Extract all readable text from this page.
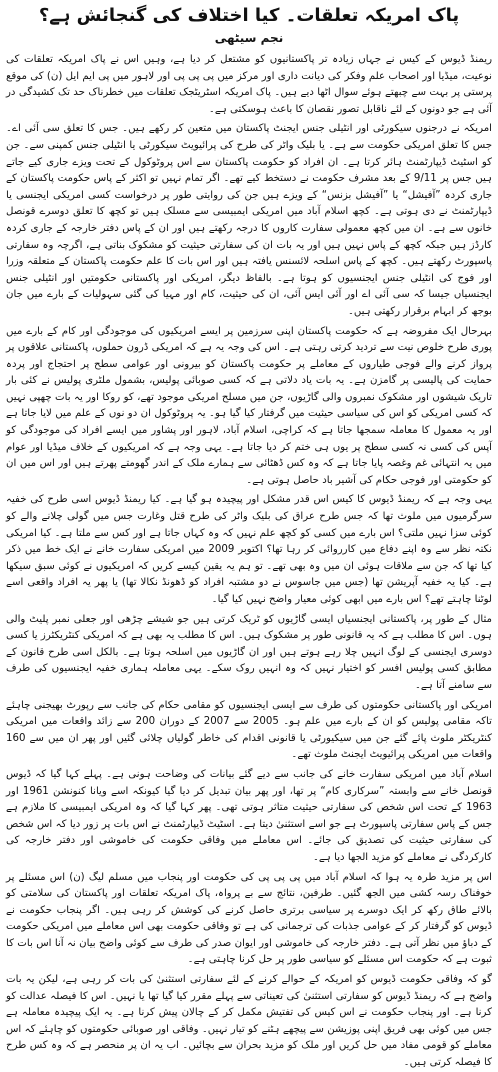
پاک امریکہ تعلقات۔ کیا اختلاف کی گنجائش ہے؟
نجم سیٹھی

ریمنڈ ڈیوس کے کیس نے جہاں زیادہ تر پاکستانیوں کو مشتعل کر دیا ہے، وہیں اس نے پاک امریکہ تعلقات کی نوعیت، میڈیا اور اصحاب علم وفکر کی دیانت داری اور مرکز میں پی پی پی اور لاہور میں پی ایم ایل (ن) کی موقع پرستی پر بہت سے چبھتے ہوئے سوال اٹھا دیے ہیں۔ پاک امریکہ اسٹریٹجک تعلقات میں خطرناک حد تک کشیدگی در آئی ہے جو دونوں کے لئے ناقابل تصور نقصان کا باعث ہوسکتی ہے۔

امریکہ نے درجنوں سیکورٹی اور انٹیلی جنس ایجنٹ پاکستان میں متعین کر رکھے ہیں۔ جس کا تعلق سی آئی اے۔ جس کا تعلق امریکی حکومت سے ہے۔ یا بلیک واٹر کی طرح کی پرائیویٹ سیکورٹی یا انٹیلی جنس کمپنی سے۔ جن کو اسٹیٹ ڈیپارٹمنٹ ہائر کرتا ہے۔ ان افراد کو حکومت پاکستان سے اس پروٹوکول کے تحت ویزے جاری کیے جاتے ہیں جس پر 9/11 کے بعد مشرف حکومت نے دستخط کیے تھے۔ اگر تمام نہیں تو اکثر کے پاس حکومت پاکستان کے جاری کردہ ”آفیشل“ یا ”آفیشل بزنس“ کے ویزے ہیں جن کی روایتی طور پر درخواست کسی امریکی ایجنسی یا ڈیپارٹمنٹ نے دی ہوتی ہے۔ کچھ اسلام آباد میں امریکی ایمبیسی سے مسلک ہیں تو کچھ کا تعلق دوسرے قونصل خانوں سے ہے۔ ان میں کچھ معمولی سفارت کاروں کا درجہ رکھتے ہیں اور ان کے پاس دفتر خارجہ کے جاری کردہ کارڈز ہیں جبکہ کچھ کے پاس نہیں ہیں اور یہ بات ان کی سفارتی حیثیت کو مشکوک بناتی ہے، اگرچہ وہ سفارتی پاسپورٹ رکھتے ہیں۔ کچھ کے پاس اسلحہ لائسنس یافتہ ہیں اور اس بات کا علم حکومت پاکستان کے متعلقہ وزرا اور فوج کی انٹیلی جنس ایجنسیوں کو ہوتا ہے۔ بالفاظ دیگر، امریکی اور پاکستانی حکومتیں اور انٹیلی جنس ایجنسیاں جیسا کہ سی آئی اے اور آئی ایس آئی، ان کی حیثیت، کام اور مہیا کی گئی سہولیات کے بارے میں جان بوجھ کر ابہام برقرار رکھتی ہیں۔

بہرحال ایک مفروضہ ہے کہ حکومت پاکستان اپنی سرزمین پر ایسے امریکیوں کی موجودگی اور کام کے بارے میں پوری طرح خلوص نیت سے تردید کرتی رہتی ہے۔ اس کی وجہ یہ ہے کہ امریکی ڈرون حملوں، پاکستانی علاقوں پر پرواز کرنے والے فوجی طیاروں کے معاملے پر حکومت پاکستان کو بیرونی اور عوامی سطح پر احتجاج اور پردہ حمایت کی پالیسی پر گامزن ہے۔ یہ بات یاد دلاتی ہے کہ کسی صوبائی پولیس، بشمول ملٹری پولیس نے کئی بار تاریک شیشوں اور مشکوک نمبروں والی گاڑیوں، جن میں مسلح امریکی موجود تھے، کو روکا اور یہ بات چھپی نہیں کہ کسی امریکی کو اس کی سیاسی حیثیت میں گرفتار کیا گیا ہو۔ یہ پروٹوکول ان دو نوں کے علم میں لایا جاتا ہے اور یہ معمول کا معاملہ سمجھا جاتا ہے کہ کراچی، اسلام آباد، لاہور اور پشاور میں ایسے افراد کی موجودگی کو آپس کی کسی نہ کسی سطح پر یوں ہی ختم کر دیا جاتا ہے۔ یہی وجہ ہے کہ امریکیوں کے خلاف میڈیا اور عوام میں یہ انتہائی غم وغصہ پایا جاتا ہے کہ وہ کس ڈھٹائی سے ہمارے ملک کے اندر گھومتے پھرتے ہیں اور اس میں ان کو حکومتی اور فوجی حکام کی آشیر باد حاصل ہوتی ہے۔

یہی وجہ ہے کہ ریمنڈ ڈیوس کا کیس اس قدر مشکل اور پیچیدہ ہو گیا ہے۔ کیا ریمنڈ ڈیوس اسی طرح کی خفیہ سرگرمیوں میں ملوث تھا کہ جس طرح عراق کی بلیک واٹر کی طرح قتل وغارت جس میں گولی چلانے والے کو کوئی سزا نہیں ملتی؟ اس بارے میں کسی کو کچھ علم نہیں کہ وہ کہاں جاتا ہے اور کس سے ملتا ہے۔ کیا امریکی نکتہ نظر سے وہ اپنے دفاع میں کارروائی کر رہا تھا؟ اکتوبر 2009 میں امریکی سفارت خانے نے ایک خط میں ذکر کیا تھا کہ جن سے ملاقات ہوئی ان میں وہ بھی تھے۔ تو ہم یہ یقین کیسے کریں کہ امریکیوں نے کوئی سبق سیکھا ہے۔ کیا یہ خفیہ آپریشن تھا (جس میں جاسوس نے دو مشتبہ افراد کو ڈھونڈ نکالا تھا) یا پھر یہ افراد واقعی اسے لوٹنا چاہتے تھے؟ اس بارے میں ابھی کوئی معیار واضح نہیں کیا گیا۔

مثال کے طور پر، پاکستانی ایجنسیاں ایسی گاڑیوں کو ٹریک کرتی ہیں جو شیشے چڑھی اور جعلی نمبر پلیٹ والی ہوں۔ اس کا مطلب ہے کہ یہ قانونی طور پر مشکوک ہیں۔ اس کا مطلب یہ بھی ہے کہ امریکی کنٹریکٹرز یا کسی دوسری ایجنسی کے لوگ انہیں چلا رہے ہوتے ہیں اور ان گاڑیوں میں اسلحہ ہوتا ہے۔ بالکل اسی طرح قانون کے مطابق کسی پولیس افسر کو اختیار نہیں کہ وہ انہیں روک سکے۔ یہی معاملہ ہماری خفیہ ایجنسیوں کی طرف سے سامنے آتا ہے۔

امریکی اور پاکستانی حکومتوں کی طرف سے ایسی ایجنسیوں کو مقامی حکام کی جانب سے رپورٹ بھیجنی چاہئے تاکہ مقامی پولیس کو ان کے بارے میں علم ہو۔ 2005 سے 2007 کے دوران 200 سے زائد واقعات میں امریکی کنٹریکٹر ملوث پائے گئے جن میں سیکیورٹی یا قانونی اقدام کی خاطر گولیاں چلائی گئیں اور پھر ان میں سے 160 واقعات میں امریکی پرائیویٹ ایجنٹ ملوث تھے۔

اسلام آباد میں امریکی سفارت خانے کی جانب سے دیے گئے بیانات کی وضاحت ہونی ہے۔ پہلے کہا گیا کہ ڈیوس قونصل خانے سے وابستہ ”سرکاری کام“ پر تھا، اور پھر بیان تبدیل کر دیا گیا کیونکہ اسے ویانا کنونشن 1961 اور 1963 کے تحت اس شخص کی سفارتی حیثیت متاثر ہوتی تھی۔ پھر کہا گیا کہ وہ امریکی ایمبیسی کا ملازم ہے جس کے پاس سفارتی پاسپورٹ ہے جو اسے استثنیٰ دیتا ہے۔ اسٹیٹ ڈیپارٹمنٹ نے اس بات پر زور دیا کہ اس شخص کی سفارتی حیثیت کی تصدیق کی جائے۔ اس معاملے میں وفاقی حکومت کی خاموشی اور دفتر خارجہ کی کارکردگی نے معاملے کو مزید الجھا دیا ہے۔

اس پر مزید طرہ یہ ہوا کہ اسلام آباد میں پی پی پی کی حکومت اور پنجاب میں مسلم لیگ (ن) اس مسئلے پر خوفناک رسہ کشی میں الجھ گئیں۔ طرفین، نتائج سے بے پرواہ، پاک امریکہ تعلقات اور پاکستان کی سلامتی کو بالائے طاق رکھ کر ایک دوسرے پر سیاسی برتری حاصل کرنے کی کوشش کر رہی ہیں۔ اگر پنجاب حکومت نے ڈیوس کو گرفتار کر کے عوامی جذبات کی ترجمانی کی ہے تو وفاقی حکومت بھی اس معاملے میں امریکی حکومت کے دباؤ میں نظر آتی ہے۔ دفتر خارجہ کی خاموشی اور ایوان صدر کی طرف سے کوئی واضح بیان نہ آنا اس بات کا ثبوت ہے کہ حکومت اس مسئلے کو سیاسی طور پر حل کرنا چاہتی ہے۔

گو کہ وفاقی حکومت ڈیوس کو امریکہ کے حوالے کرنے کے لئے سفارتی استثنیٰ کی بات کر رہی ہے، لیکن یہ بات واضح ہے کہ ریمنڈ ڈیوس کو سفارتی استثنیٰ کی تعیناتی سے پہلے مقرر کیا گیا تھا یا نہیں۔ اس کا فیصلہ عدالت کو کرنا ہے۔ اور پنجاب حکومت نے اس کیس کی تفتیش مکمل کر کے چالان پیش کرنا ہے۔ یہ ایک پیچیدہ معاملہ ہے جس میں کوئی بھی فریق اپنی پوزیشن سے پیچھے ہٹنے کو تیار نہیں۔ وفاقی اور صوبائی حکومتوں کو چاہئے کہ اس معاملے کو قومی مفاد میں حل کریں اور ملک کو مزید بحران سے بچائیں۔ اب یہ ان پر منحصر ہے کہ وہ کس طرح کا فیصلہ کرتی ہیں۔
